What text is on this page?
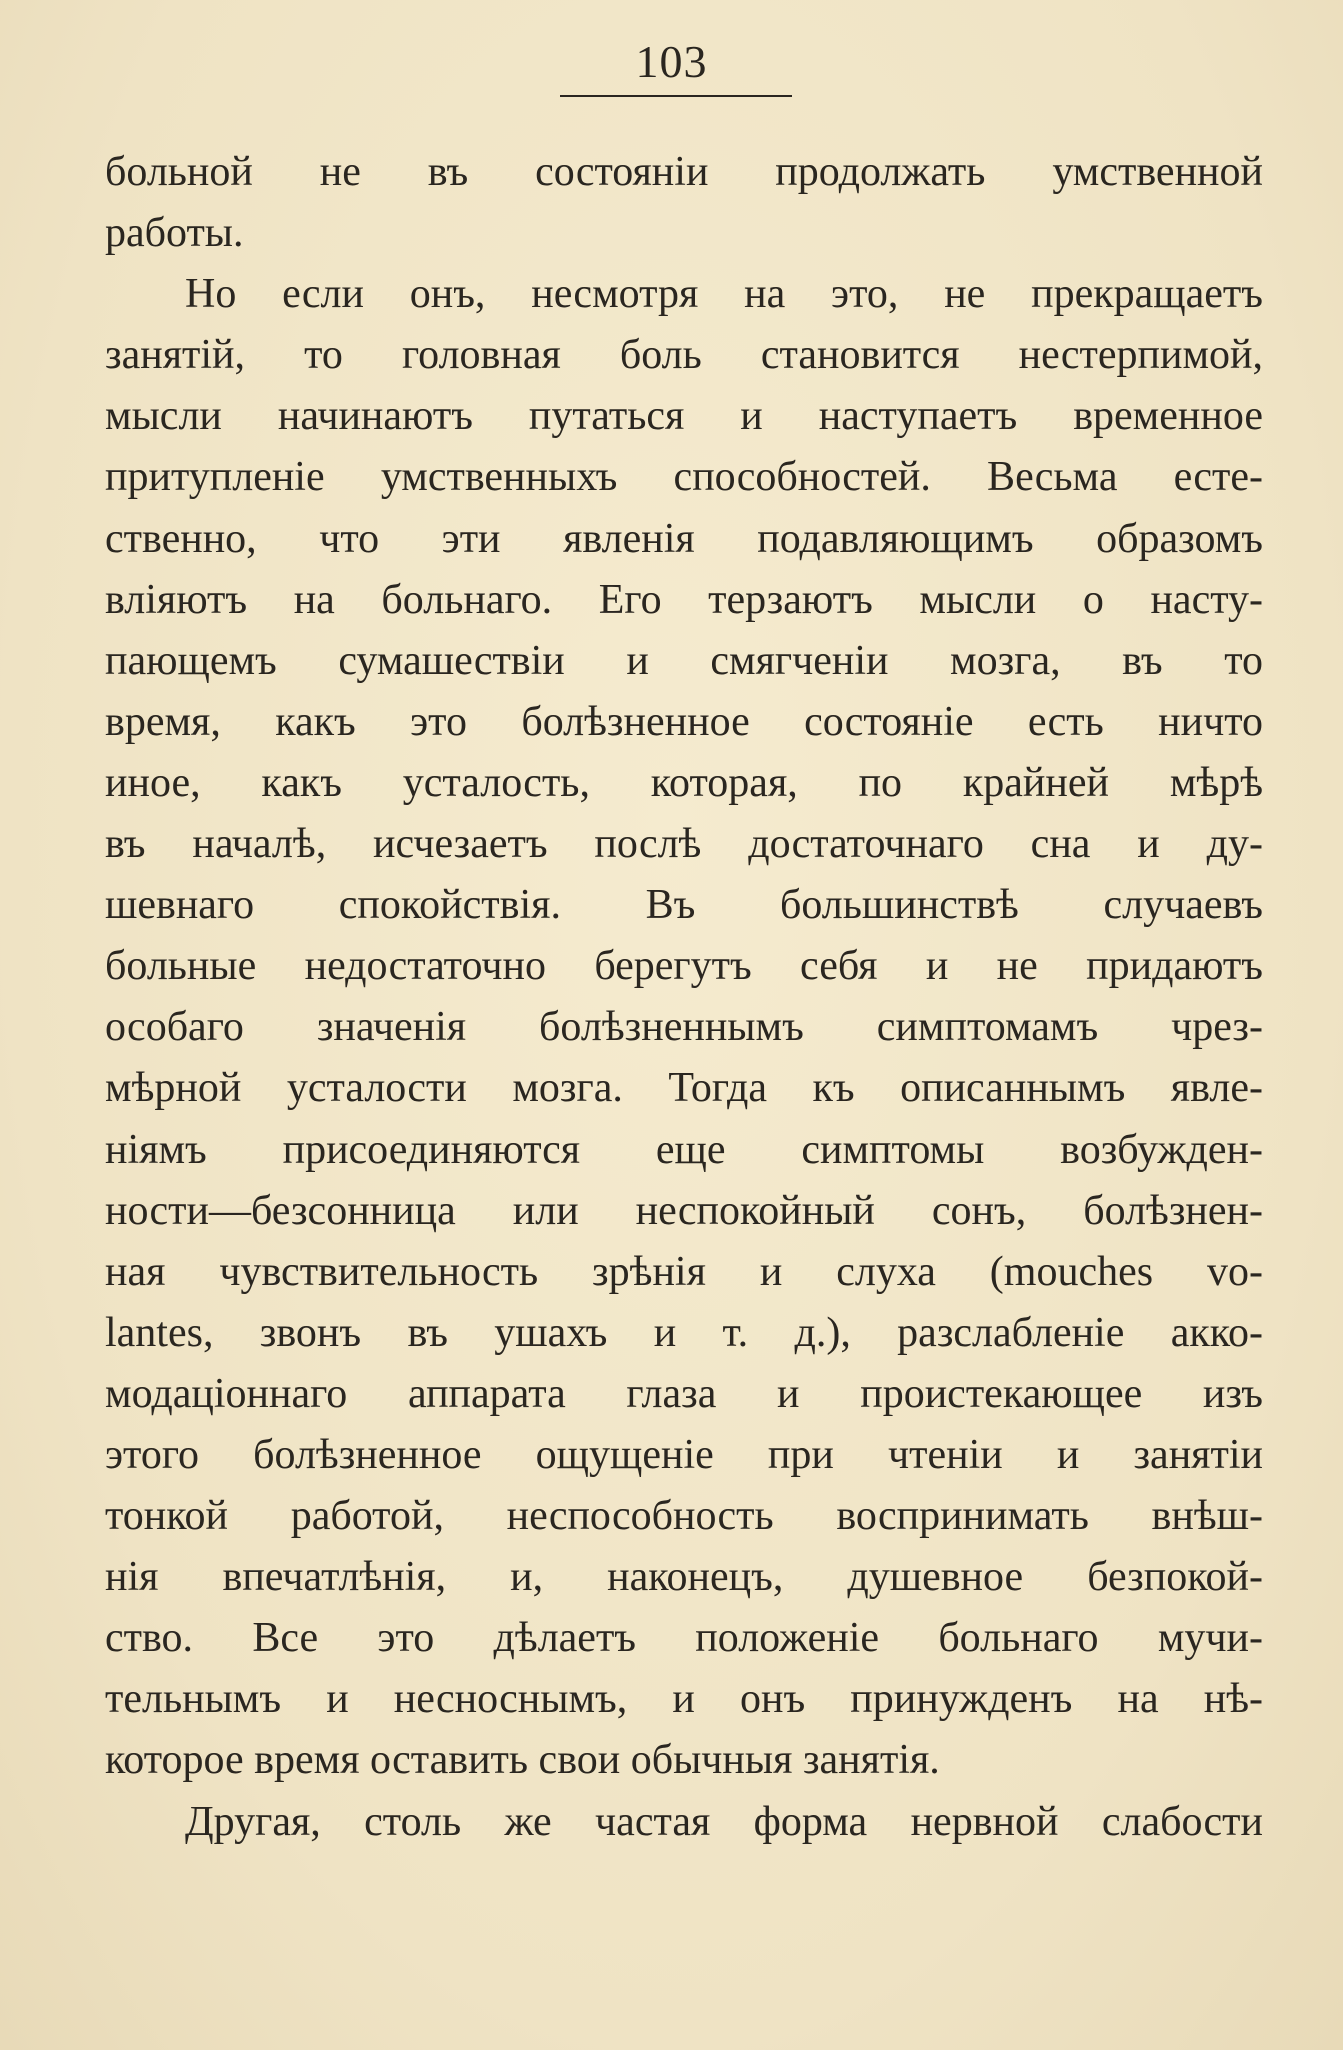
103
больной не въ состояніи продолжать умственной
работы.
Но если онъ, несмотря на это, не прекращаетъ
занятій, то головная боль становится нестерпимой,
мысли начинаютъ путаться и наступаетъ временное
притупленіе умственныхъ способностей. Весьма есте-
ственно, что эти явленія подавляющимъ образомъ
вліяютъ на больнаго. Его терзаютъ мысли о насту-
пающемъ сумашествіи и смягченіи мозга, въ то
время, какъ это болѣзненное состояніе есть ничто
иное, какъ усталость, которая, по крайней мѣрѣ
въ началѣ, исчезаетъ послѣ достаточнаго сна и ду-
шевнаго спокойствія. Въ большинствѣ случаевъ
больные недостаточно берегутъ себя и не придаютъ
особаго значенія болѣзненнымъ симптомамъ чрез-
мѣрной усталости мозга. Тогда къ описаннымъ явле-
ніямъ присоединяются еще симптомы возбужден-
ности—безсонница или неспокойный сонъ, болѣзнен-
ная чувствительность зрѣнія и слуха (mouches vo-
lantes, звонъ въ ушахъ и т. д.), разслабленіе акко-
модаціоннаго аппарата глаза и проистекающее изъ
этого болѣзненное ощущеніе при чтеніи и занятіи
тонкой работой, неспособность воспринимать внѣш-
нія впечатлѣнія, и, наконецъ, душевное безпокой-
ство. Все это дѣлаетъ положеніе больнаго мучи-
тельнымъ и несноснымъ, и онъ принужденъ на нѣ-
которое время оставить свои обычныя занятія.
Другая, столь же частая форма нервной слабости
